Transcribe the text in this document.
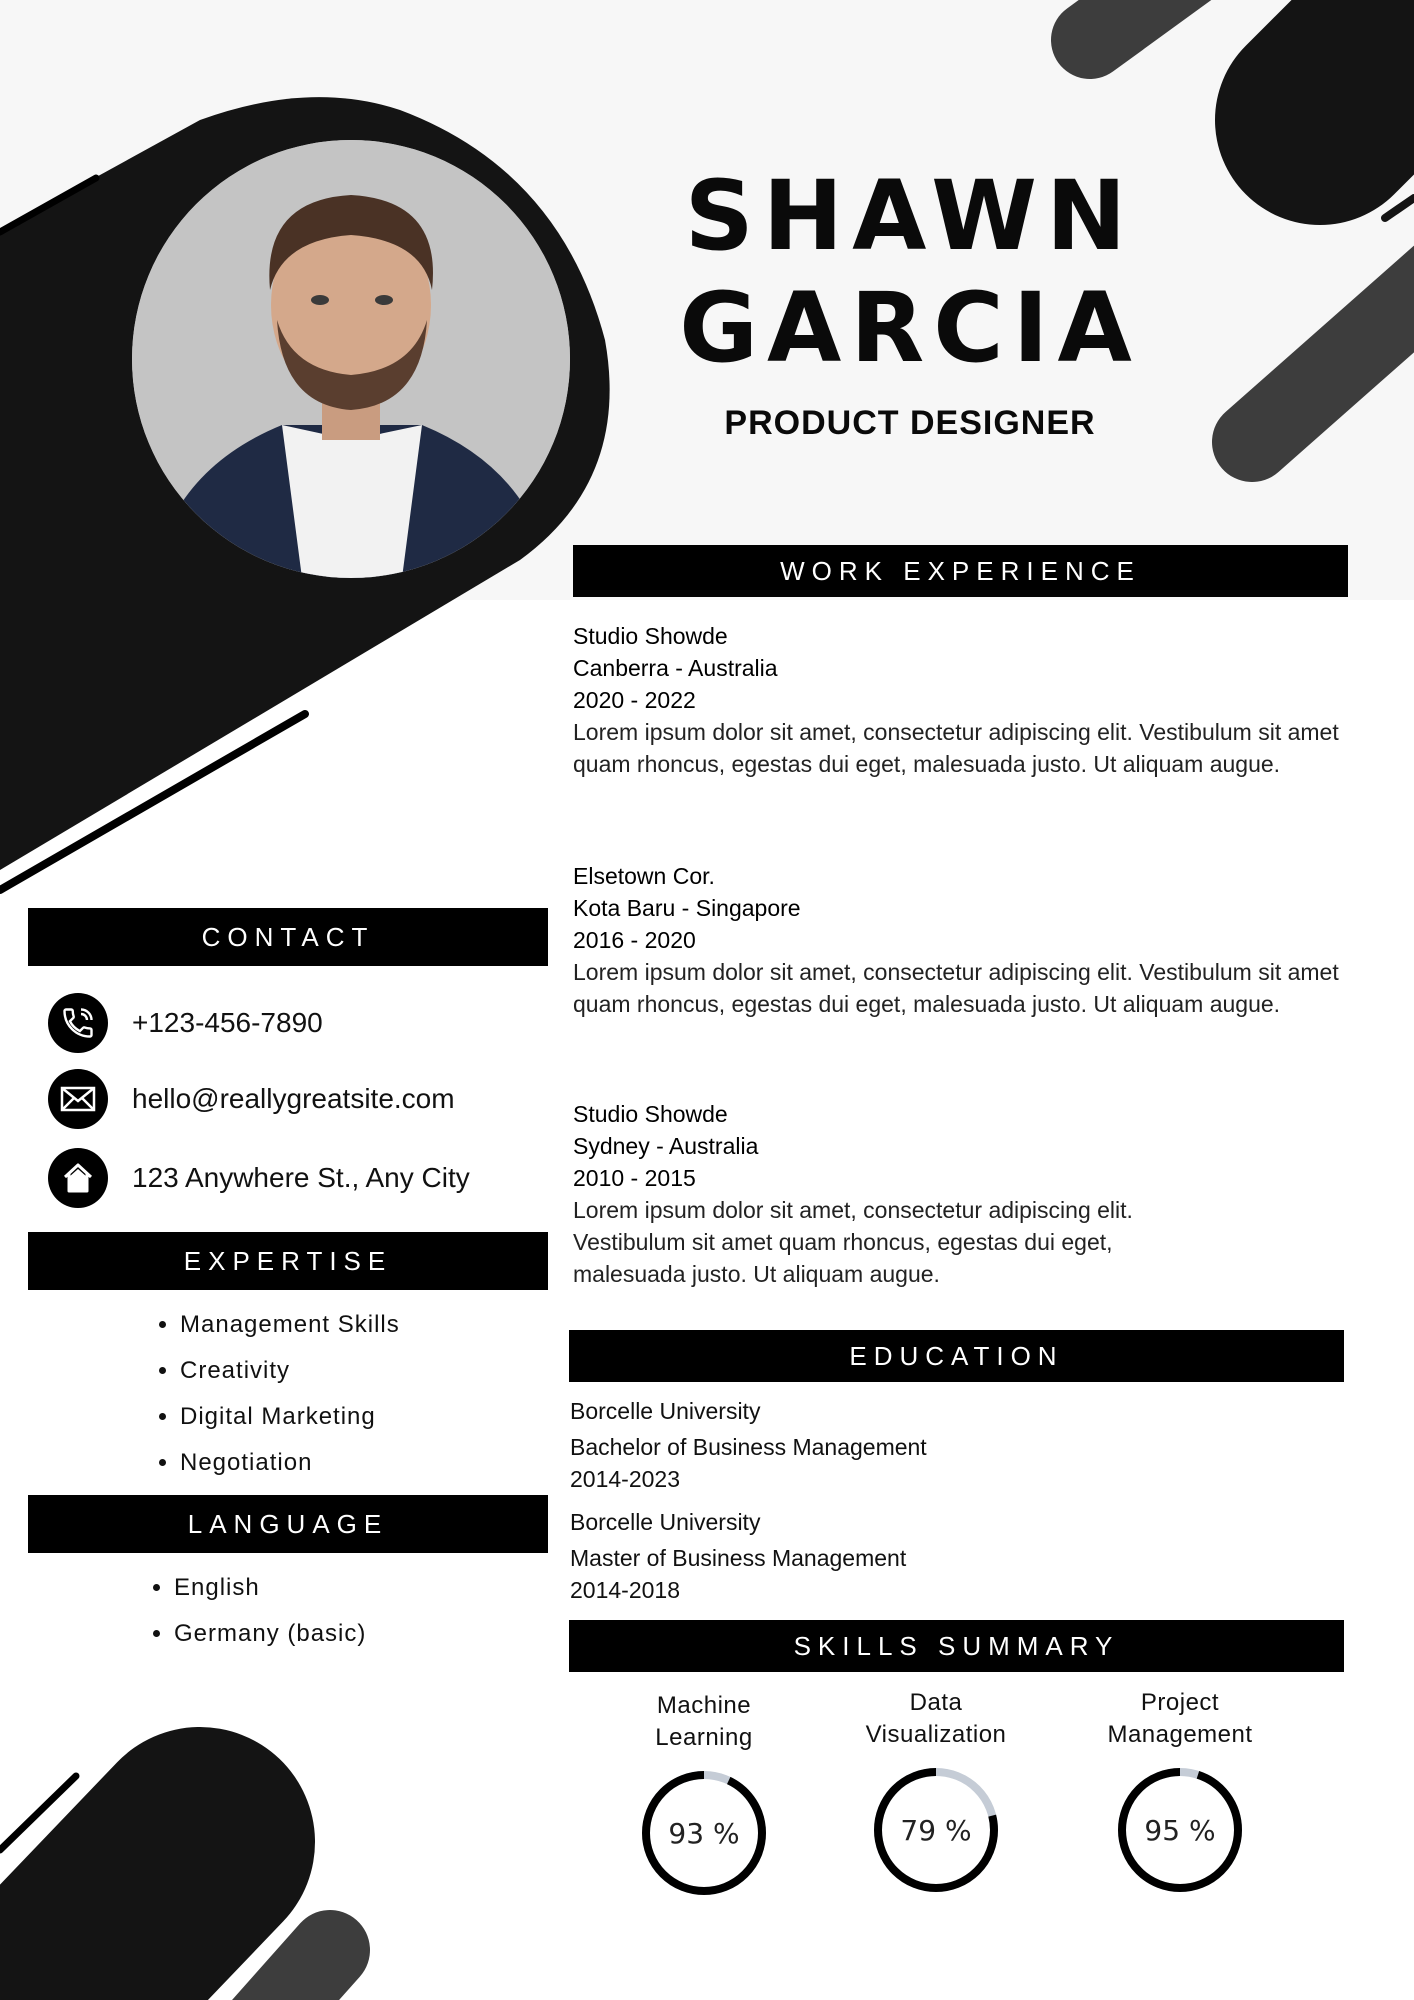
SHAWN
GARCIA
PRODUCT DESIGNER
WORK EXPERIENCE
Studio Showde
Canberra - Australia
2020 - 2022
Lorem ipsum dolor sit amet, consectetur adipiscing elit. Vestibulum sit amet quam rhoncus, egestas dui eget, malesuada justo. Ut aliquam augue.
Elsetown Cor.
Kota Baru - Singapore
2016 - 2020
Lorem ipsum dolor sit amet, consectetur adipiscing elit. Vestibulum sit amet quam rhoncus, egestas dui eget, malesuada justo. Ut aliquam augue.
Studio Showde
Sydney - Australia
2010 - 2015
Lorem ipsum dolor sit amet, consectetur adipiscing elit. Vestibulum sit amet quam rhoncus, egestas dui eget, malesuada justo. Ut aliquam augue.
CONTACT
+123-456-7890
hello@reallygreatsite.com
123 Anywhere St., Any City
EXPERTISE
• Management Skills
• Creativity
• Digital Marketing
• Negotiation
LANGUAGE
• English
• Germany (basic)
EDUCATION
Borcelle University
Bachelor of Business Management
2014-2023
Borcelle University
Master of Business Management
2014-2018
SKILLS SUMMARY
Machine
Learning
93 %
Data
Visualization
79 %
Project
Management
95 %
